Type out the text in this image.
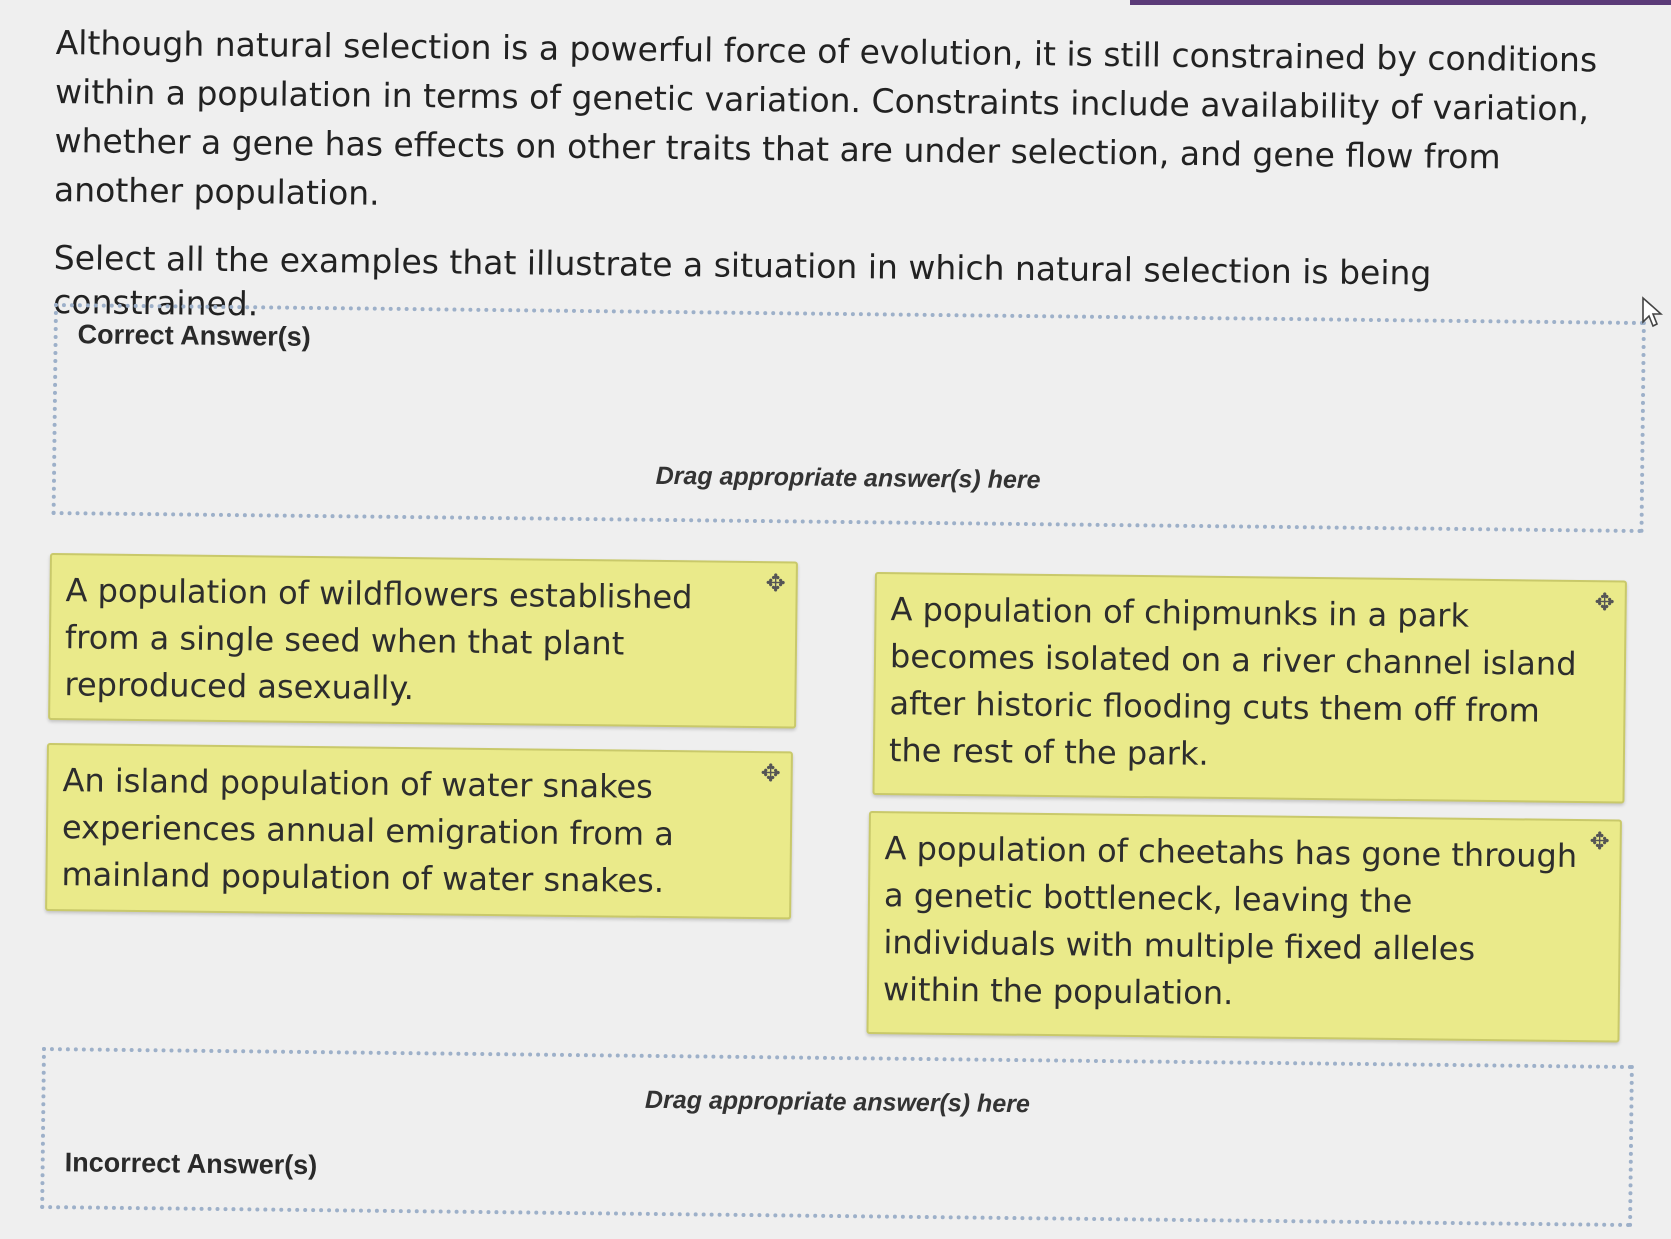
Although natural selection is a powerful force of evolution, it is still constrained by conditions within a population in terms of genetic variation. Constraints include availability of variation, whether a gene has effects on other traits that are under selection, and gene flow from another population.

Select all the examples that illustrate a situation in which natural selection is being constrained.

Correct Answer(s)
Drag appropriate answer(s) here
A population of wildflowers established from a single seed when that plant reproduced asexually.
✥
An island population of water snakes experiences annual emigration from a mainland population of water snakes.
✥
A population of chipmunks in a park becomes isolated on a river channel island after historic flooding cuts them off from the rest of the park.
✥
A population of cheetahs has gone through a genetic bottleneck, leaving the individuals with multiple fixed alleles within the population.
✥
Drag appropriate answer(s) here
Incorrect Answer(s)
